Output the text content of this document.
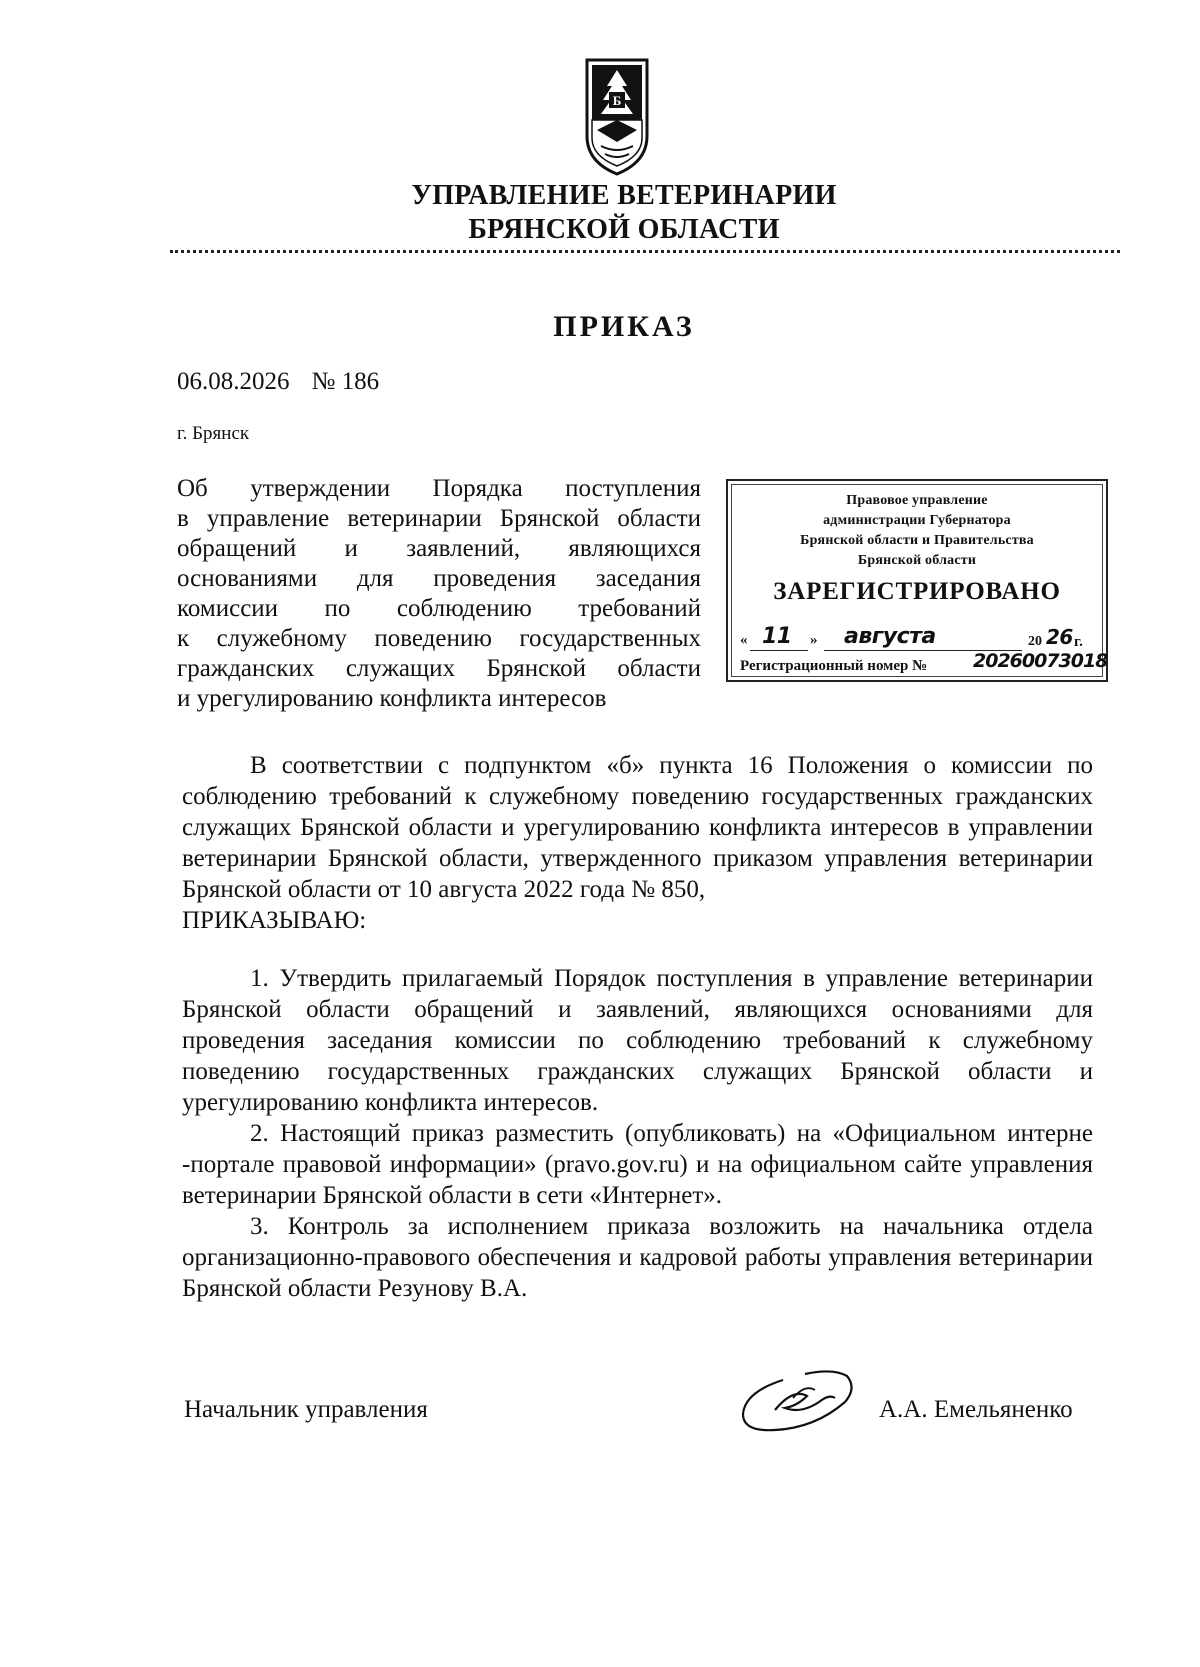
Б
УПРАВЛЕНИЕ ВЕТЕРИНАРИИ
БРЯНСКОЙ ОБЛАСТИ
ПРИКАЗ
06.08.2026 № 186
г. Брянск
Об утверждении Порядка поступления
в управление ветеринарии Брянской области
обращений и заявлений, являющихся
основаниями для проведения заседания
комиссии по соблюдению требований
к служебному поведению государственных
гражданских служащих Брянской области
и урегулированию конфликта интересов
Правовое управление
администрации Губернатора
Брянской области и Правительства
Брянской области
ЗАРЕГИСТРИРОВАНО
« 11 » августа	20 26 г.
Регистрационный номер № 20260073018

В соответствии с подпунктом «б» пункта 16 Положения о комиссии по соблюдению требований к служебному поведению государственных гражданских служащих Брянской области и урегулированию конфликта интересов в управлении ветеринарии Брянской области, утвержденного приказом управления ветеринарии Брянской области от 10 августа 2022 года № 850,

ПРИКАЗЫВАЮ:

1. Утвердить прилагаемый Порядок поступления в управление ветеринарии Брянской области обращений и заявлений, являющихся основаниями для проведения заседания комиссии по соблюдению требований к служебному поведению государственных гражданских служащих Брянской области и урегулированию конфликта интересов.

2. Настоящий приказ разместить (опубликовать) на «Официальном интерне -портале правовой информации» (pravo.gov.ru) и на официальном сайте управления ветеринарии Брянской области в сети «Интернет».

3. Контроль за исполнением приказа возложить на начальника отдела организационно-правового обеспечения и кадровой работы управления ветеринарии Брянской области Резунову В.А.

Начальник управления	А.А. Емельяненко
